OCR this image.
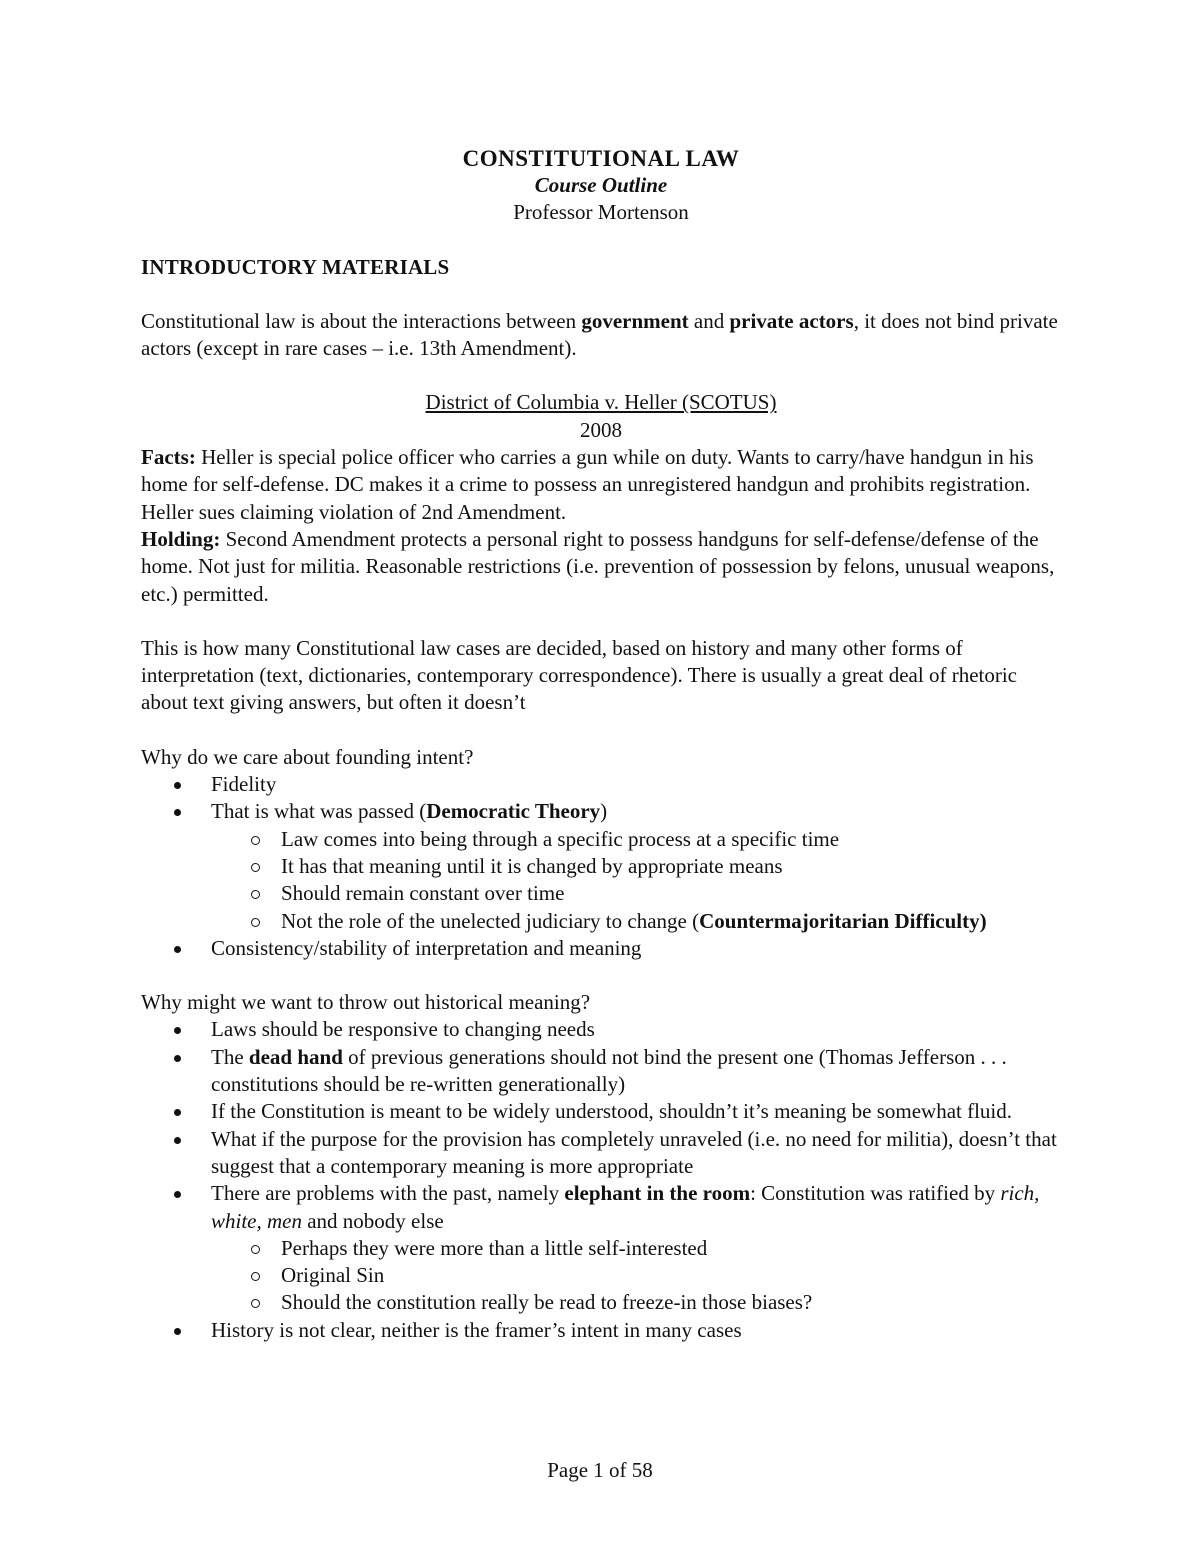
CONSTITUTIONAL LAW

Course Outline

Professor Mortenson

INTRODUCTORY MATERIALS

Constitutional law is about the interactions between government and private actors, it does not bind private actors (except in rare cases – i.e. 13th Amendment).

District of Columbia v. Heller (SCOTUS)

2008

Facts: Heller is special police officer who carries a gun while on duty. Wants to carry/have handgun in his home for self-defense. DC makes it a crime to possess an unregistered handgun and prohibits registration. Heller sues claiming violation of 2nd Amendment.

Holding: Second Amendment protects a personal right to possess handguns for self-defense/defense of the home. Not just for militia. Reasonable restrictions (i.e. prevention of possession by felons, unusual weapons, etc.) permitted.

This is how many Constitutional law cases are decided, based on history and many other forms of interpretation (text, dictionaries, contemporary correspondence). There is usually a great deal of rhetoric about text giving answers, but often it doesn’t

Why do we care about founding intent?

Fidelity
That is what was passed (Democratic Theory)
Law comes into being through a specific process at a specific time
It has that meaning until it is changed by appropriate means
Should remain constant over time
Not the role of the unelected judiciary to change (Countermajoritarian Difficulty)
Consistency/stability of interpretation and meaning

Why might we want to throw out historical meaning?

Laws should be responsive to changing needs
The dead hand of previous generations should not bind the present one (Thomas Jefferson . . . constitutions should be re-written generationally)
If the Constitution is meant to be widely understood, shouldn’t it’s meaning be somewhat fluid.
What if the purpose for the provision has completely unraveled (i.e. no need for militia), doesn’t that suggest that a contemporary meaning is more appropriate
There are problems with the past, namely elephant in the room: Constitution was ratified by rich, white, men and nobody else
Perhaps they were more than a little self-interested
Original Sin
Should the constitution really be read to freeze-in those biases?
History is not clear, neither is the framer’s intent in many cases
Page 1 of 58
